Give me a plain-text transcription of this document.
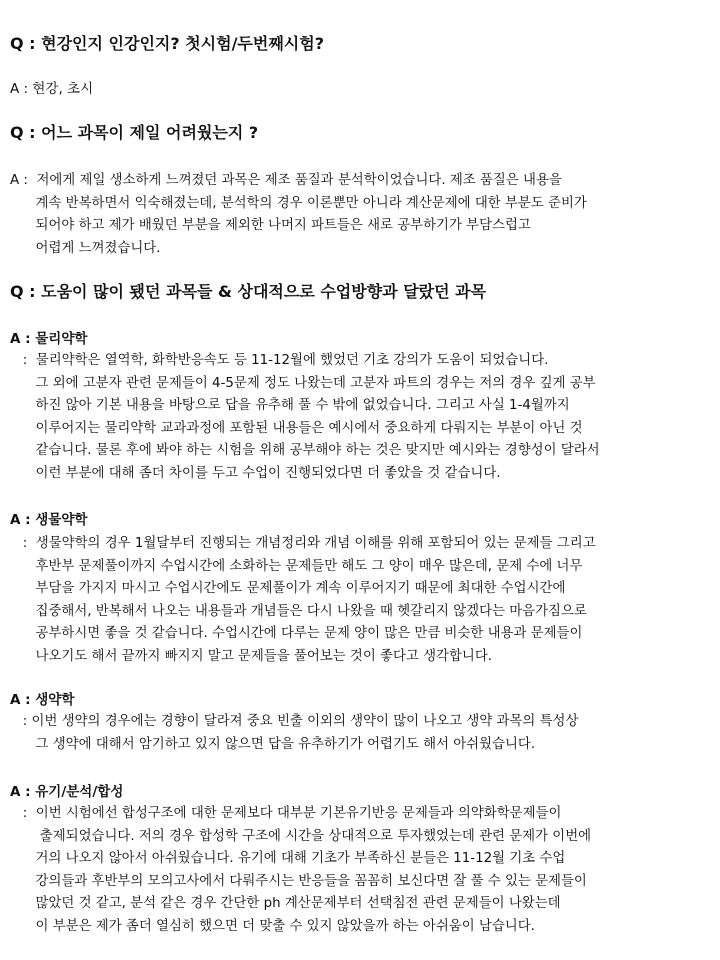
Q : 현강인지 인강인지? 첫시험/두번째시험?

A : 현강, 초시

Q : 어느 과목이 제일 어려웠는지 ?
A :  저에게 제일 생소하게 느껴졌던 과목은 제조 품질과 분석학이었습니다. 제조 품질은 내용을
계속 반복하면서 익숙해졌는데, 분석학의 경우 이론뿐만 아니라 계산문제에 대한 부분도 준비가
되어야 하고 제가 배웠던 부분을 제외한 나머지 파트들은 새로 공부하기가 부담스럽고
어렵게 느껴졌습니다.
Q : 도움이 많이 됐던 과목들 & 상대적으로 수업방향과 달랐던 과목

A : 물리약학

:  물리약학은 열역학, 화학반응속도 등 11-12월에 했었던 기초 강의가 도움이 되었습니다.
그 외에 고분자 관련 문제들이 4-5문제 정도 나왔는데 고분자 파트의 경우는 저의 경우 깊게 공부
하진 않아 기본 내용을 바탕으로 답을 유추해 풀 수 밖에 없었습니다. 그리고 사실 1-4월까지
이루어지는 물리약학 교과과정에 포함된 내용들은 예시에서 중요하게 다뤄지는 부분이 아닌 것
같습니다. 물론 후에 봐야 하는 시험을 위해 공부해야 하는 것은 맞지만 예시와는 경향성이 달라서
이런 부분에 대해 좀더 차이를 두고 수업이 진행되었다면 더 좋았을 것 같습니다.

A : 생물약학

:  생물약학의 경우 1월달부터 진행되는 개념정리와 개념 이해를 위해 포함되어 있는 문제들 그리고
후반부 문제풀이까지 수업시간에 소화하는 문제들만 해도 그 양이 매우 많은데, 문제 수에 너무
부담을 가지지 마시고 수업시간에도 문제풀이가 계속 이루어지기 때문에 최대한 수업시간에
집중해서, 반복해서 나오는 내용들과 개념들은 다시 나왔을 때 헷갈리지 않겠다는 마음가짐으로
공부하시면 좋을 것 같습니다. 수업시간에 다루는 문제 양이 많은 만큼 비슷한 내용과 문제들이
나오기도 해서 끝까지 빠지지 말고 문제들을 풀어보는 것이 좋다고 생각합니다.

A : 생약학

: 이번 생약의 경우에는 경향이 달라져 중요 빈출 이외의 생약이 많이 나오고 생약 과목의 특성상
그 생약에 대해서 암기하고 있지 않으면 답을 유추하기가 어렵기도 해서 아쉬웠습니다.

A : 유기/분석/합성

:  이번 시험에선 합성구조에 대한 문제보다 대부분 기본유기반응 문제들과 의약화학문제들이
출제되었습니다. 저의 경우 합성학 구조에 시간을 상대적으로 투자했었는데 관련 문제가 이번에
거의 나오지 않아서 아쉬웠습니다. 유기에 대해 기초가 부족하신 분들은 11-12월 기초 수업
강의들과 후반부의 모의고사에서 다뤄주시는 반응들을 꼼꼼히 보신다면 잘 풀 수 있는 문제들이
많았던 것 같고, 분석 같은 경우 간단한 ph 계산문제부터 선택침전 관련 문제들이 나왔는데
이 부분은 제가 좀더 열심히 했으면 더 맞출 수 있지 않았을까 하는 아쉬움이 남습니다.
